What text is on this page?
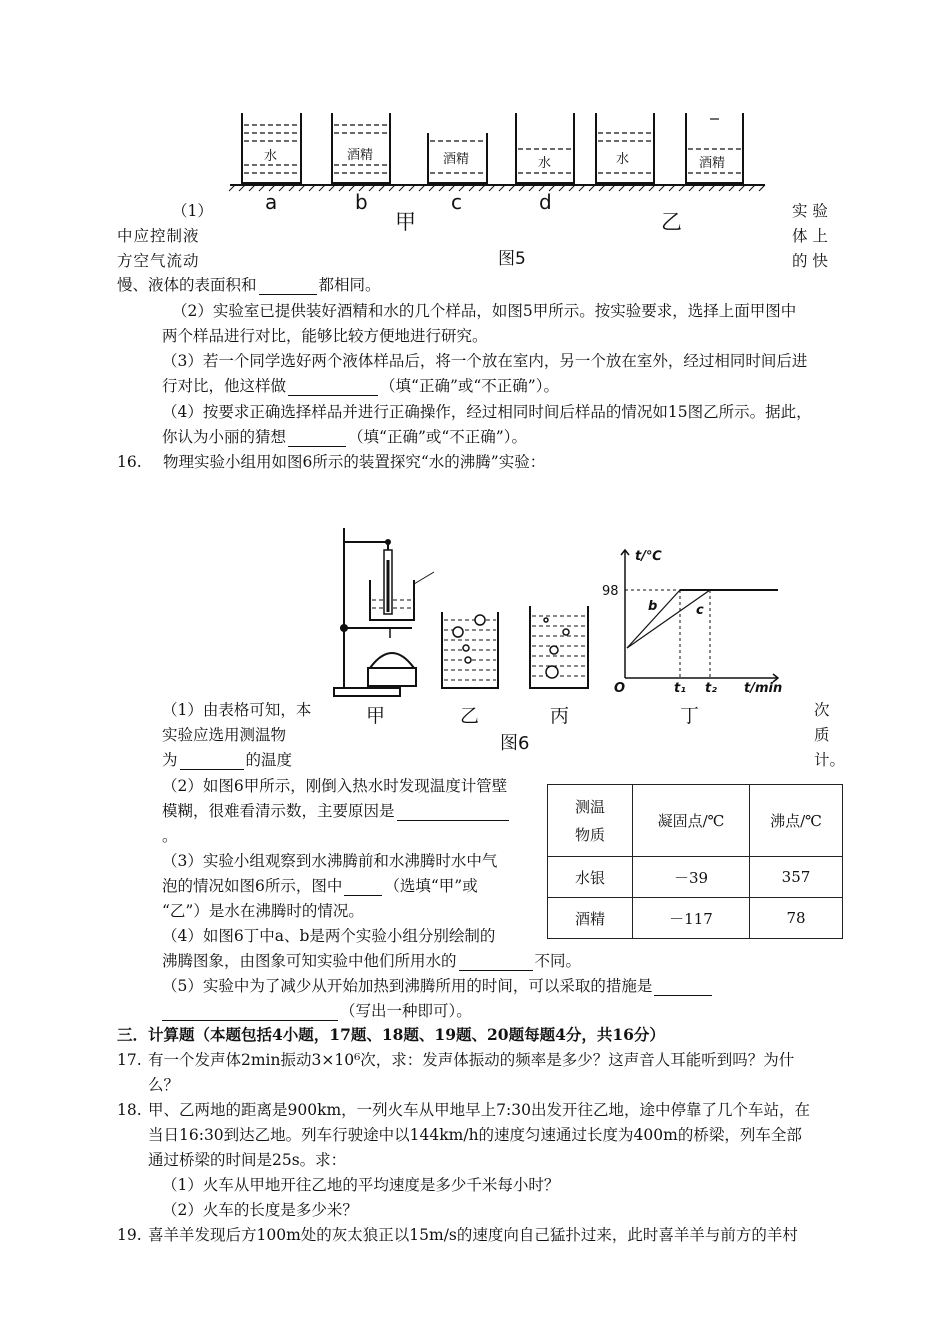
水	酒精	酒精	水	水	酒精
a	b	c	d
甲	乙
图5
（1）	实 验
中应控制液	体 上
方空气流动	的 快
慢、液体的表面积和	都相同。
（2）实验室已提供装好酒精和水的几个样品，如图5甲所示。按实验要求，选择上面甲图中
两个样品进行对比，能够比较方便地进行研究。
（3）若一个同学选好两个液体样品后，将一个放在室内，另一个放在室外，经过相同时间后进
行对比，他这样做	（填“正确”或“不正确”）。
（4）按要求正确选择样品并进行正确操作，经过相同时间后样品的情况如15图乙所示。据此，
你认为小丽的猜想	（填“正确”或“不正确”）。
16. 物理实验小组用如图6所示的装置探究“水的沸腾”实验：
t/℃
t/min
O	t₁ t₂
b	c
98
甲	乙	丙	丁
图6
（1）由表格可知，本	次
实验应选用测温物	质
为	的温度	计。
（2）如图6甲所示，刚倒入热水时发现温度计管壁
模糊，很难看清示数，主要原因是
。
（3）实验小组观察到水沸腾前和水沸腾时水中气
泡的情况如图6所示，图中	（选填“甲”或
“乙”）是水在沸腾时的情况。
（4）如图6丁中a、b是两个实验小组分别绘制的
沸腾图象，由图象可知实验中他们所用水的	不同。
（5）实验中为了减少从开始加热到沸腾所用的时间，可以采取的措施是
（写出一种即可）。
测温
物质	凝固点/℃	沸点/℃
水银	－39	357
酒精	－117	78
三．计算题（本题包括4小题，17题、18题、19题、20题每题4分，共16分）
17. 有一个发声体2min振动3×10⁶次，求：发声体振动的频率是多少？这声音人耳能听到吗？为什
么？
18. 甲、乙两地的距离是900km，一列火车从甲地早上7:30出发开往乙地，途中停靠了几个车站，在
当日16:30到达乙地。列车行驶途中以144km/h的速度匀速通过长度为400m的桥梁，列车全部
通过桥梁的时间是25s。求：
（1）火车从甲地开往乙地的平均速度是多少千米每小时？
（2）火车的长度是多少米？
19. 喜羊羊发现后方100m处的灰太狼正以15m/s的速度向自己猛扑过来，此时喜羊羊与前方的羊村
